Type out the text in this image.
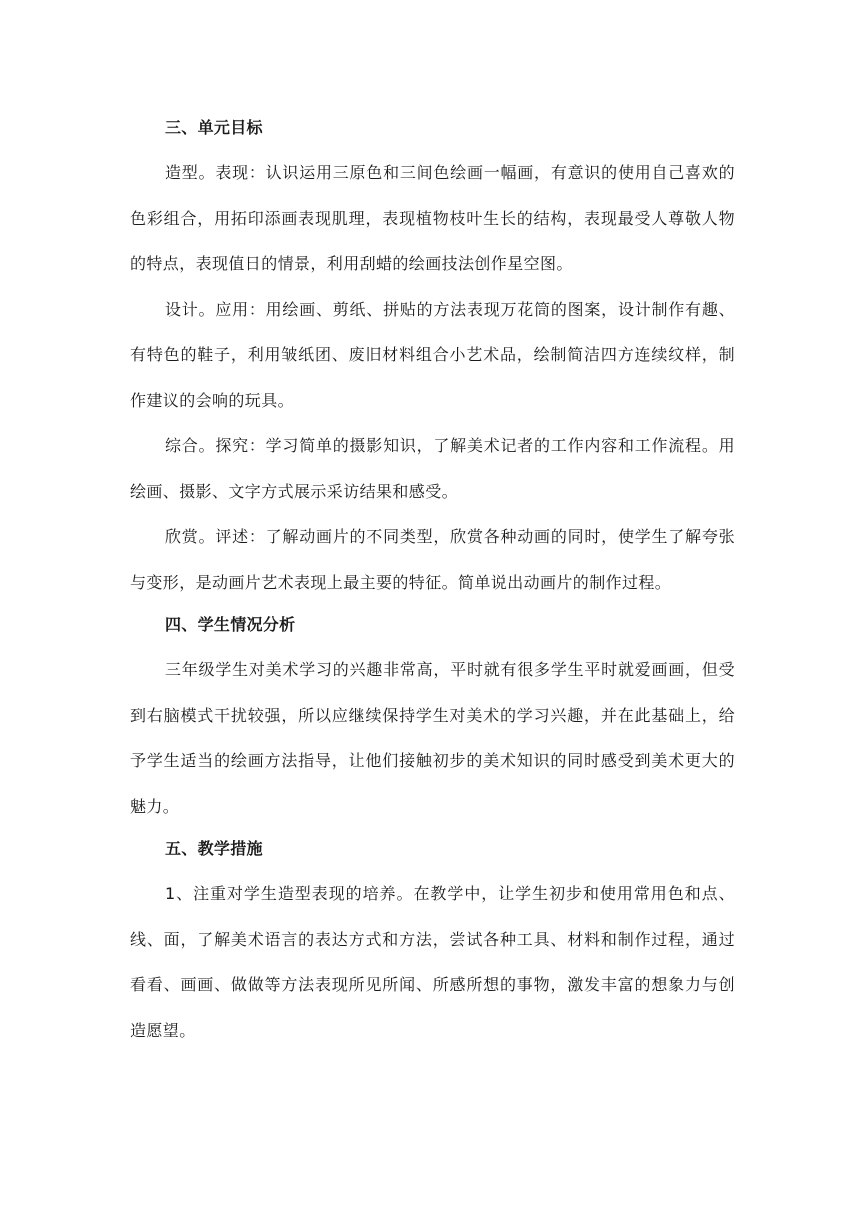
三、单元目标

造型。表现：认识运用三原色和三间色绘画一幅画，有意识的使用自己喜欢的色彩组合，用拓印添画表现肌理，表现植物枝叶生长的结构，表现最受人尊敬人物的特点，表现值日的情景，利用刮蜡的绘画技法创作星空图。

设计。应用：用绘画、剪纸、拼贴的方法表现万花筒的图案，设计制作有趣、有特色的鞋子，利用皱纸团、废旧材料组合小艺术品，绘制简洁四方连续纹样，制作建议的会响的玩具。

综合。探究：学习简单的摄影知识，了解美术记者的工作内容和工作流程。用绘画、摄影、文字方式展示采访结果和感受。

欣赏。评述：了解动画片的不同类型，欣赏各种动画的同时，使学生了解夸张与变形，是动画片艺术表现上最主要的特征。简单说出动画片的制作过程。

四、学生情况分析

三年级学生对美术学习的兴趣非常高，平时就有很多学生平时就爱画画，但受到右脑模式干扰较强，所以应继续保持学生对美术的学习兴趣，并在此基础上，给予学生适当的绘画方法指导，让他们接触初步的美术知识的同时感受到美术更大的魅力。

五、教学措施

1、注重对学生造型表现的培养。在教学中，让学生初步和使用常用色和点、线、面，了解美术语言的表达方式和方法，尝试各种工具、材料和制作过程，通过看看、画画、做做等方法表现所见所闻、所感所想的事物，激发丰富的想象力与创造愿望。
